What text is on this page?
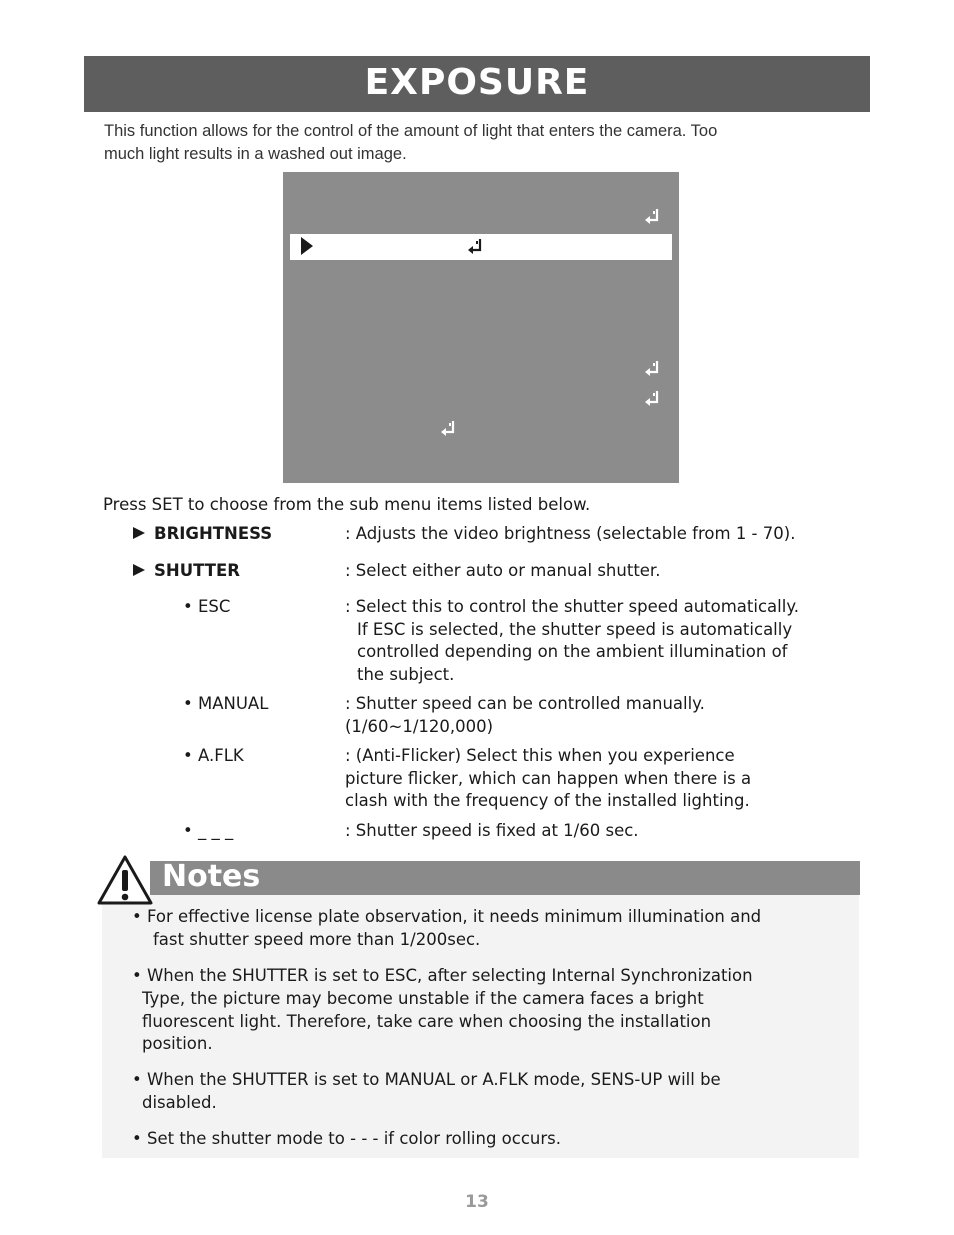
EXPOSURE
This function allows for the control of the amount of light that enters the camera. Too
much light results in a washed out image.
Press SET to choose from the sub menu items listed below.
BRIGHTNESS	: Adjusts the video brightness (selectable from 1 - 70).
SHUTTER	: Select either auto or manual shutter.
• ESC	: Select this to control the shutter speed automatically.
If ESC is selected, the shutter speed is automatically
controlled depending on the ambient illumination of
the subject.
• MANUAL	: Shutter speed can be controlled manually.
(1/60~1/120,000)
• A.FLK	: (Anti-Flicker) Select this when you experience
picture flicker, which can happen when there is a
clash with the frequency of the installed lighting.
• _ _ _	: Shutter speed is fixed at 1/60 sec.
Notes
• For effective license plate observation, it needs minimum illumination and
fast shutter speed more than 1/200sec.
• When the SHUTTER is set to ESC, after selecting Internal Synchronization
Type, the picture may become unstable if the camera faces a bright
fluorescent light. Therefore, take care when choosing the installation
position.
• When the SHUTTER is set to MANUAL or A.FLK mode, SENS-UP will be
disabled.
• Set the shutter mode to - - - if color rolling occurs.
13
